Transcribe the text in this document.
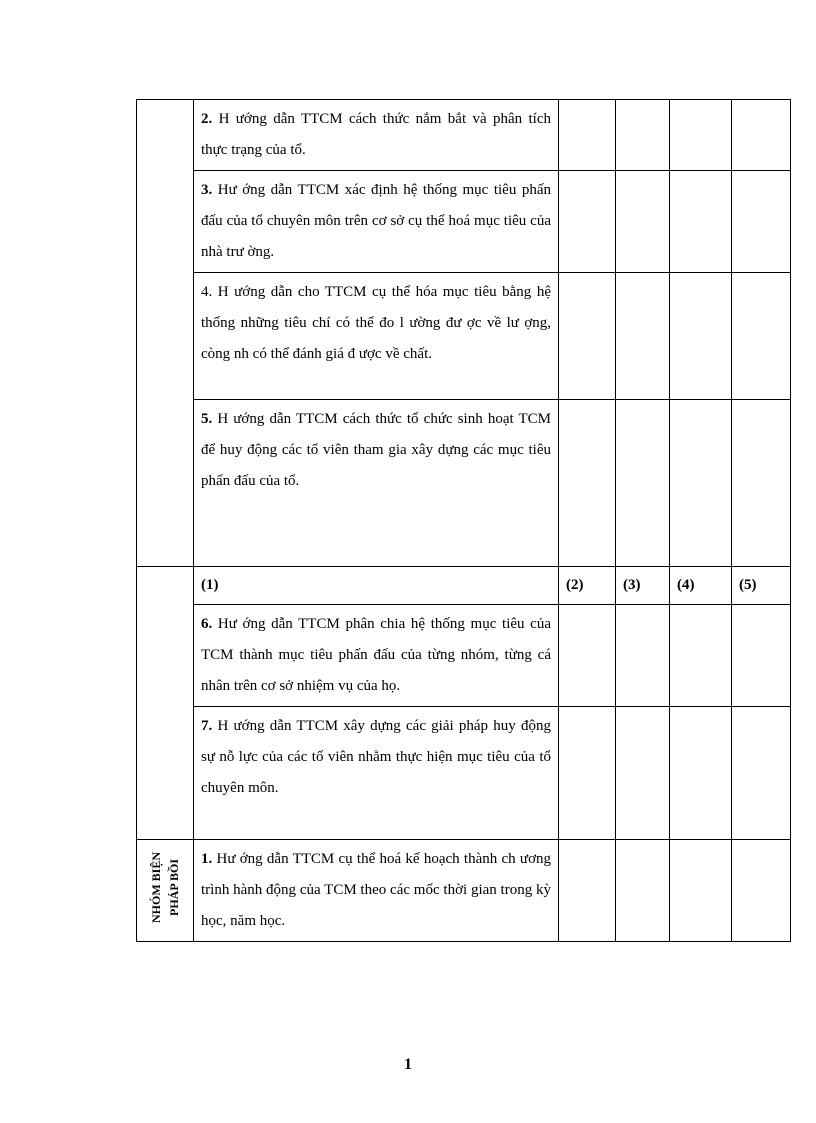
	2. H ướng dẫn TTCM cách thức nắm bắt và phân tích thực trạng của tổ.				
	3. Hư ớng dẫn TTCM xác định hệ thống mục tiêu phấn đấu của tổ chuyên môn trên cơ sở cụ thể hoá mục tiêu của nhà trư ờng.				
	4. H ướng dẫn cho TTCM cụ thể hóa mục tiêu bằng hệ thống những tiêu chí có thể đo l ường đư ợc về lư ợng, còng nh có thể đánh giá đ ược về chất.				
	5. H ướng dẫn TTCM cách thức tổ chức sinh hoạt TCM để huy động các tổ viên tham gia xây dựng các mục tiêu phấn đấu của tổ.				
	(1)	(2)	(3)	(4)	(5)
	6. Hư ớng dẫn TTCM phân chia hệ thống mục tiêu của TCM thành mục tiêu phấn đấu của từng nhóm, từng cá nhân trên cơ sở nhiệm vụ của họ.				
	7. H ướng dẫn TTCM xây dựng các giải pháp huy động sự nỗ lực của các tổ viên nhằm thực hiện mục tiêu của tổ chuyên môn.				
NHÓM BIỆN PHÁP BỒI	1. Hư ớng dẫn TTCM cụ thể hoá kế hoạch thành ch ương trình hành động của TCM theo các mốc thời gian trong kỳ học, năm học.				
1
